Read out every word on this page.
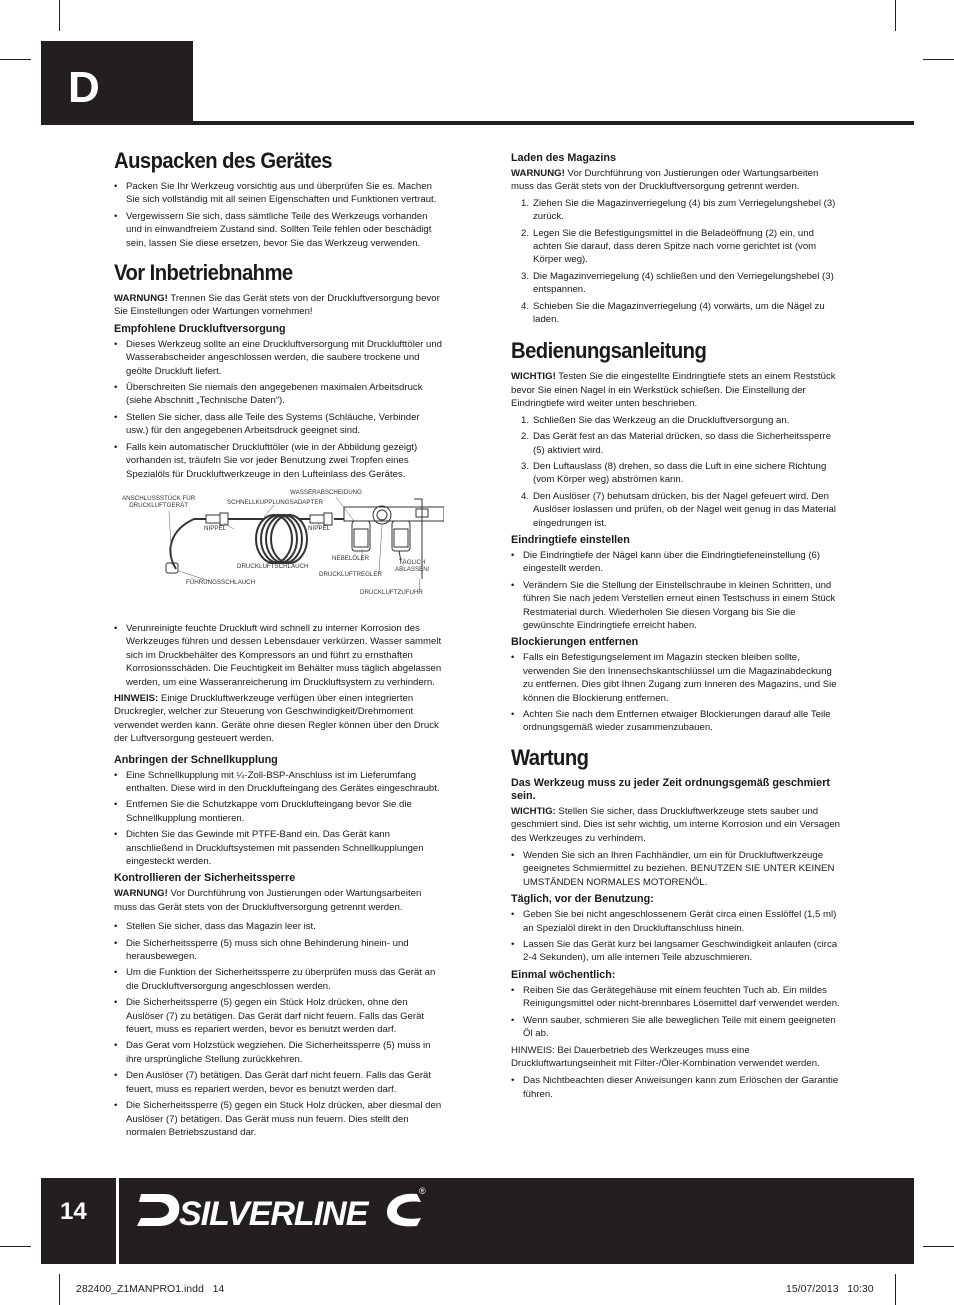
D
Auspacken des Gerätes
• Packen Sie Ihr Werkzeug vorsichtig aus und überprüfen Sie es. Machen Sie sich vollständig mit all seinen Eigenschaften und Funktionen vertraut.
• Vergewissern Sie sich, dass sämtliche Teile des Werkzeugs vorhanden und in einwandfreiem Zustand sind. Sollten Teile fehlen oder beschädigt sein, lassen Sie diese ersetzen, bevor Sie das Werkzeug verwenden.
Vor Inbetriebnahme

WARNUNG! Trennen Sie das Gerät stets von der Druckluftversorgung bevor Sie Einstellungen oder Wartungen vornehmen!

Empfohlene Druckluftversorgung
• Dieses Werkzeug sollte an eine Druckluftversorgung mit Drucklufttöler und Wasserabscheider angeschlossen werden, die saubere trockene und geölte Druckluft liefert.
• Überschreiten Sie niemals den angegebenen maximalen Arbeitsdruck (siehe Abschnitt „Technische Daten“).
• Stellen Sie sicher, dass alle Teile des Systems (Schläuche, Verbinder usw.) für den angegebenen Arbeitsdruck geeignet sind.
• Falls kein automatischer Drucklufttöler (wie in der Abbildung gezeigt) vorhanden ist, träufeln Sie vor jeder Benutzung zwei Tropfen eines Spezialöls für Druckluftwerkzeuge in den Lufteinlass des Gerätes.
ANSCHLUSSSTÜCK FÜR
DRUCKLUFTGERÄT	SCHNELLKUPPLUNGSADAPTER
WASSERABSCHEIDUNG
NIPPEL	NIPPEL
NEBELÖLER
DRUCKLUFTSCHLAUCH
TÄGLICH
ABLASSEN!
DRUCKLUFTREGLER
FÜHRUNGSSCHLAUCH
DRUCKLUFTZUFUHR
• Verunreinigte feuchte Druckluft wird schnell zu interner Korrosion des Werkzeuges führen und dessen Lebensdauer verkürzen. Wasser sammelt sich im Druckbehälter des Kompressors an und führt zu ernsthaften Korrosionsschäden. Die Feuchtigkeit im Behälter muss täglich abgelassen werden, um eine Wasseranreicherung im Druckluftsystem zu verhindern.

HINWEIS: Einige Druckluftwerkzeuge verfügen über einen integrierten Druckregler, welcher zur Steuerung von Geschwindigkeit/Drehmoment verwendet werden kann. Geräte ohne diesen Regler können über den Druck der Luftversorgung gesteuert werden.

Anbringen der Schnellkupplung
• Eine Schnellkupplung mit ¼-Zoll-BSP-Anschluss ist im Lieferumfang enthalten. Diese wird in den Drucklufteingang des Gerätes eingeschraubt.
• Entfernen Sie die Schutzkappe vom Drucklufteingang bevor Sie die Schnellkupplung montieren.
• Dichten Sie das Gewinde mit PTFE-Band ein. Das Gerät kann anschließend in Druckluftsystemen mit passenden Schnellkupplungen eingesteckt werden.
Kontrollieren der Sicherheitssperre

WARNUNG! Vor Durchführung von Justierungen oder Wartungsarbeiten muss das Gerät stets von der Druckluftversorgung getrennt werden.

• Stellen Sie sicher, dass das Magazin leer ist.
• Die Sicherheitssperre (5) muss sich ohne Behinderung hinein- und herausbewegen.
• Um die Funktion der Sicherheitssperre zu überprüfen muss das Gerät an die Druckluftversorgung angeschlossen werden.
• Die Sicherheitssperre (5) gegen ein Stück Holz drücken, ohne den Auslöser (7) zu betätigen. Das Gerät darf nicht feuern. Falls das Gerät feuert, muss es repariert werden, bevor es benutzt werden darf.
• Das Gerat vom Holzstück wegziehen. Die Sicherheitssperre (5) muss in ihre ursprüngliche Stellung zurückkehren.
• Den Auslöser (7) betätigen. Das Gerät darf nicht feuern. Falls das Gerät feuert, muss es repariert werden, bevor es benutzt werden darf.
• Die Sicherheitssperre (5) gegen ein Stuck Holz drücken, aber diesmal den Auslöser (7) betätigen. Das Gerät muss nun feuern. Dies stellt den normalen Betriebszustand dar.
Laden des Magazins

WARNUNG! Vor Durchführung von Justierungen oder Wartungsarbeiten muss das Gerät stets von der Druckluftversorgung getrennt werden.

1. Ziehen Sie die Magazinverriegelung (4) bis zum Verriegelungshebel (3) zurück.
2. Legen Sie die Befestigungsmittel in die Beladeöffnung (2) ein, und achten Sie darauf, dass deren Spitze nach vorne gerichtet ist (vom Körper weg).
3. Die Magazinverriegelung (4) schließen und den Verriegelungshebel (3) entspannen.
4. Schieben Sie die Magazinverriegelung (4) vorwärts, um die Nägel zu laden.
Bedienungsanleitung

WICHTIG! Testen Sie die eingestellte Eindringtiefe stets an einem Reststück bevor Sie einen Nagel in ein Werkstück schießen. Die Einstellung der Eindringtiefe wird weiter unten beschrieben.

1. Schließen Sie das Werkzeug an die Druckluftversorgung an.
2. Das Gerät fest an das Material drücken, so dass die Sicherheitssperre (5) aktiviert wird.
3. Den Luftauslass (8) drehen, so dass die Luft in eine sichere Richtung (vom Körper weg) abströmen kann.
4. Den Auslöser (7) behutsam drücken, bis der Nagel gefeuert wird. Den Auslöser loslassen und prüfen, ob der Nagel weit genug in das Material eingedrungen ist.
Eindringtiefe einstellen
• Die Eindringtiefe der Nägel kann über die Eindringtiefeneinstellung (6) eingestellt werden.
• Verändern Sie die Stellung der Einstellschraube in kleinen Schritten, und führen Sie nach jedem Verstellen erneut einen Testschuss in einem Stück Restmaterial durch. Wiederholen Sie diesen Vorgang bis Sie die gewünschte Eindringtiefe erreicht haben.
Blockierungen entfernen
• Falls ein Befestigungselement im Magazin stecken bleiben sollte, verwenden Sie den Innensechskantschlüssel um die Magazinabdeckung zu entfernen. Dies gibt Ihnen Zugang zum Inneren des Magazins, und Sie können die Blockierung entfernen.
• Achten Sie nach dem Entfernen etwaiger Blockierungen darauf alle Teile ordnungsgemäß wieder zusammenzubauen.
Wartung
Das Werkzeug muss zu jeder Zeit ordnungsgemäß geschmiert sein.

WICHTIG: Stellen Sie sicher, dass Druckluftwerkzeuge stets sauber und geschmiert sind. Dies ist sehr wichtig, um interne Korrosion und ein Versagen des Werkzeuges zu verhindern.

• Wenden Sie sich an Ihren Fachhändler, um ein für Druckluftwerkzeuge geeignetes Schmiermittel zu beziehen. BENUTZEN SIE UNTER KEINEN UMSTÄNDEN NORMALES MOTORENÖL.
Täglich, vor der Benutzung:
• Geben Sie bei nicht angeschlossenem Gerät circa einen Esslöffel (1,5 ml) an Spezialöl direkt in den Druckluftanschluss hinein.
• Lassen Sie das Gerät kurz bei langsamer Geschwindigkeit anlaufen (circa 2-4 Sekunden), um alle internen Teile abzuschmieren.
Einmal wöchentlich:
• Reiben Sie das Gerätegehäuse mit einem feuchten Tuch ab. Ein mildes Reinigungsmittel oder nicht-brennbares Lösemittel darf verwendet werden.
• Wenn sauber, schmieren Sie alle beweglichen Teile mit einem geeigneten Öl ab.

HINWEIS: Bei Dauerbetrieb des Werkzeuges muss eine Druckluftwartungseinheit mit Filter-/Öler-Kombination verwendet werden.

• Das Nichtbeachten dieser Anweisungen kann zum Erlöschen der Garantie führen.
14	SILVERLINE
®
282400_Z1MANPRO1.indd   14	15/07/2013   10:30
